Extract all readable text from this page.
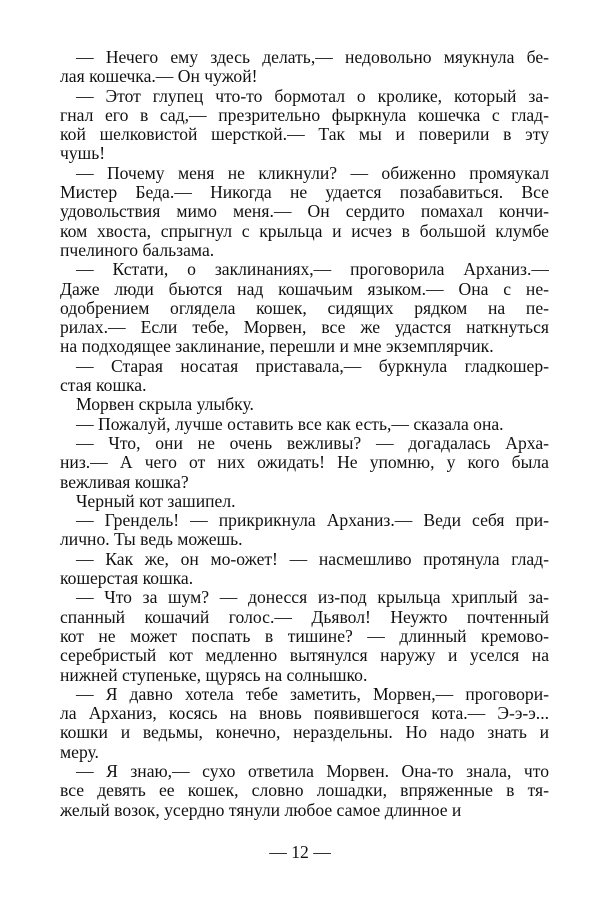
— Нечего ему здесь делать,— недовольно мяукнула бе-
лая кошечка.— Он чужой!
— Этот глупец что-то бормотал о кролике, который за-
гнал его в сад,— презрительно фыркнула кошечка с глад-
кой шелковистой шерсткой.— Так мы и поверили в эту
чушь!
— Почему меня не кликнули? — обиженно промяукал
Мистер Беда.— Никогда не удается позабавиться. Все
удовольствия мимо меня.— Он сердито помахал кончи-
ком хвоста, спрыгнул с крыльца и исчез в большой клумбе
пчелиного бальзама.
— Кстати, о заклинаниях,— проговорила Арханиз.—
Даже люди бьются над кошачьим языком.— Она с не-
одобрением оглядела кошек, сидящих рядком на пе-
рилах.— Если тебе, Морвен, все же удастся наткнуться
на подходящее заклинание, перешли и мне экземплярчик.
— Старая носатая приставала,— буркнула гладкошер-
стая кошка.
Морвен скрыла улыбку.
— Пожалуй, лучше оставить все как есть,— сказала она.
— Что, они не очень вежливы? — догадалась Арха-
низ.— А чего от них ожидать! Не упомню, у кого была
вежливая кошка?
Черный кот зашипел.
— Грендель! — прикрикнула Арханиз.— Веди себя при-
лично. Ты ведь можешь.
— Как же, он мо-ожет! — насмешливо протянула глад-
кошерстая кошка.
— Что за шум? — донесся из-под крыльца хриплый за-
спанный кошачий голос.— Дьявол! Неужто почтенный
кот не может поспать в тишине? — длинный кремово-
серебристый кот медленно вытянулся наружу и уселся на
нижней ступеньке, щурясь на солнышко.
— Я давно хотела тебе заметить, Морвен,— проговори-
ла Арханиз, косясь на вновь появившегося кота.— Э-э-э...
кошки и ведьмы, конечно, нераздельны. Но надо знать и
меру.
— Я знаю,— сухо ответила Морвен. Она-то знала, что
все девять ее кошек, словно лошадки, впряженные в тя-
желый возок, усердно тянули любое самое длинное и
— 12 —
